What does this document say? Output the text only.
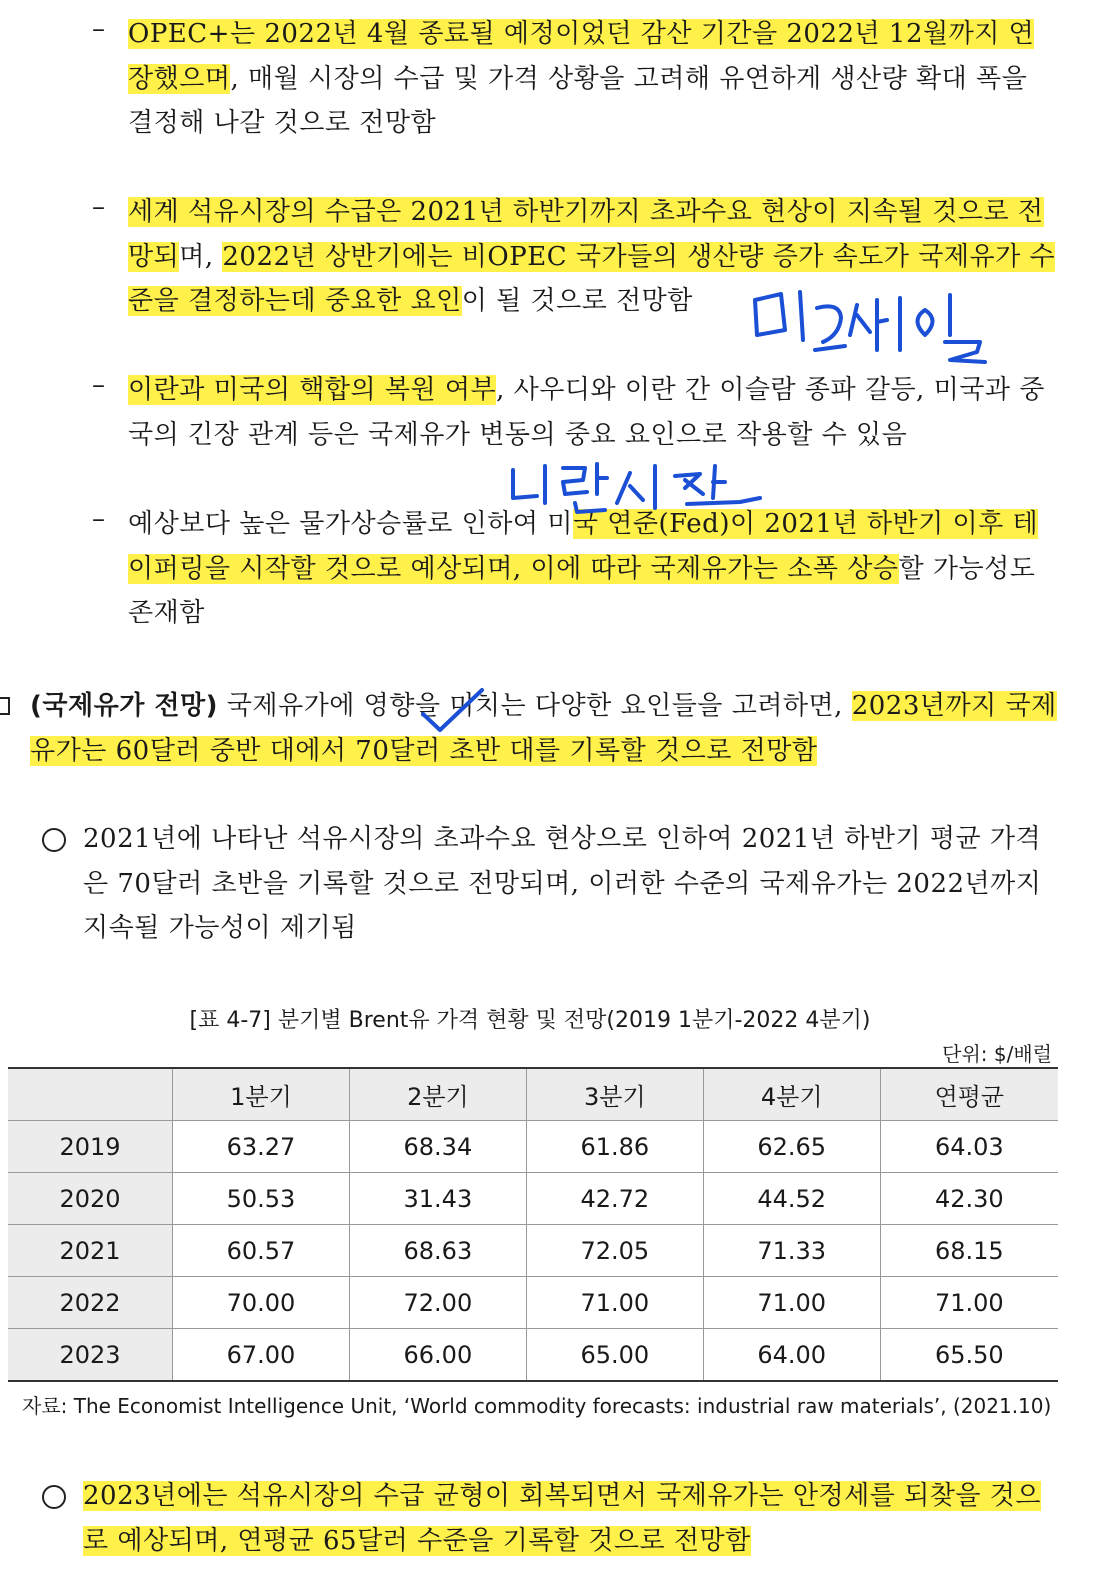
– OPEC+는 2022년 4월 종료될 예정이었던 감산 기간을 2022년 12월까지 연장했으며, 매월 시장의 수급 및 가격 상황을 고려해 유연하게 생산량 확대 폭을 결정해 나갈 것으로 전망함
– 세계 석유시장의 수급은 2021년 하반기까지 초과수요 현상이 지속될 것으로 전망되며, 2022년 상반기에는 비OPEC 국가들의 생산량 증가 속도가 국제유가 수준을 결정하는데 중요한 요인이 될 것으로 전망함
– 이란과 미국의 핵합의 복원 여부, 사우디와 이란 간 이슬람 종파 갈등, 미국과 중국의 긴장 관계 등은 국제유가 변동의 중요 요인으로 작용할 수 있음
– 예상보다 높은 물가상승률로 인하여 미국 연준(Fed)이 2021년 하반기 이후 테이퍼링을 시작할 것으로 예상되며, 이에 따라 국제유가는 소폭 상승할 가능성도 존재함
(국제유가 전망) 국제유가에 영향을 미치는 다양한 요인들을 고려하면, 2023년까지 국제유가는 60달러 중반 대에서 70달러 초반 대를 기록할 것으로 전망함
2021년에 나타난 석유시장의 초과수요 현상으로 인하여 2021년 하반기 평균 가격은 70달러 초반을 기록할 것으로 전망되며, 이러한 수준의 국제유가는 2022년까지 지속될 가능성이 제기됨
[표 4-7] 분기별 Brent유 가격 현황 및 전망(2019 1분기-2022 4분기)
단위: $/배럴
	1분기	2분기	3분기	4분기	연평균
2019	63.27	68.34	61.86	62.65	64.03
2020	50.53	31.43	42.72	44.52	42.30
2021	60.57	68.63	72.05	71.33	68.15
2022	70.00	72.00	71.00	71.00	71.00
2023	67.00	66.00	65.00	64.00	65.50
자료: The Economist Intelligence Unit, ‘World commodity forecasts: industrial raw materials’, (2021.10)
2023년에는 석유시장의 수급 균형이 회복되면서 국제유가는 안정세를 되찾을 것으로 예상되며, 연평균 65달러 수준을 기록할 것으로 전망함
